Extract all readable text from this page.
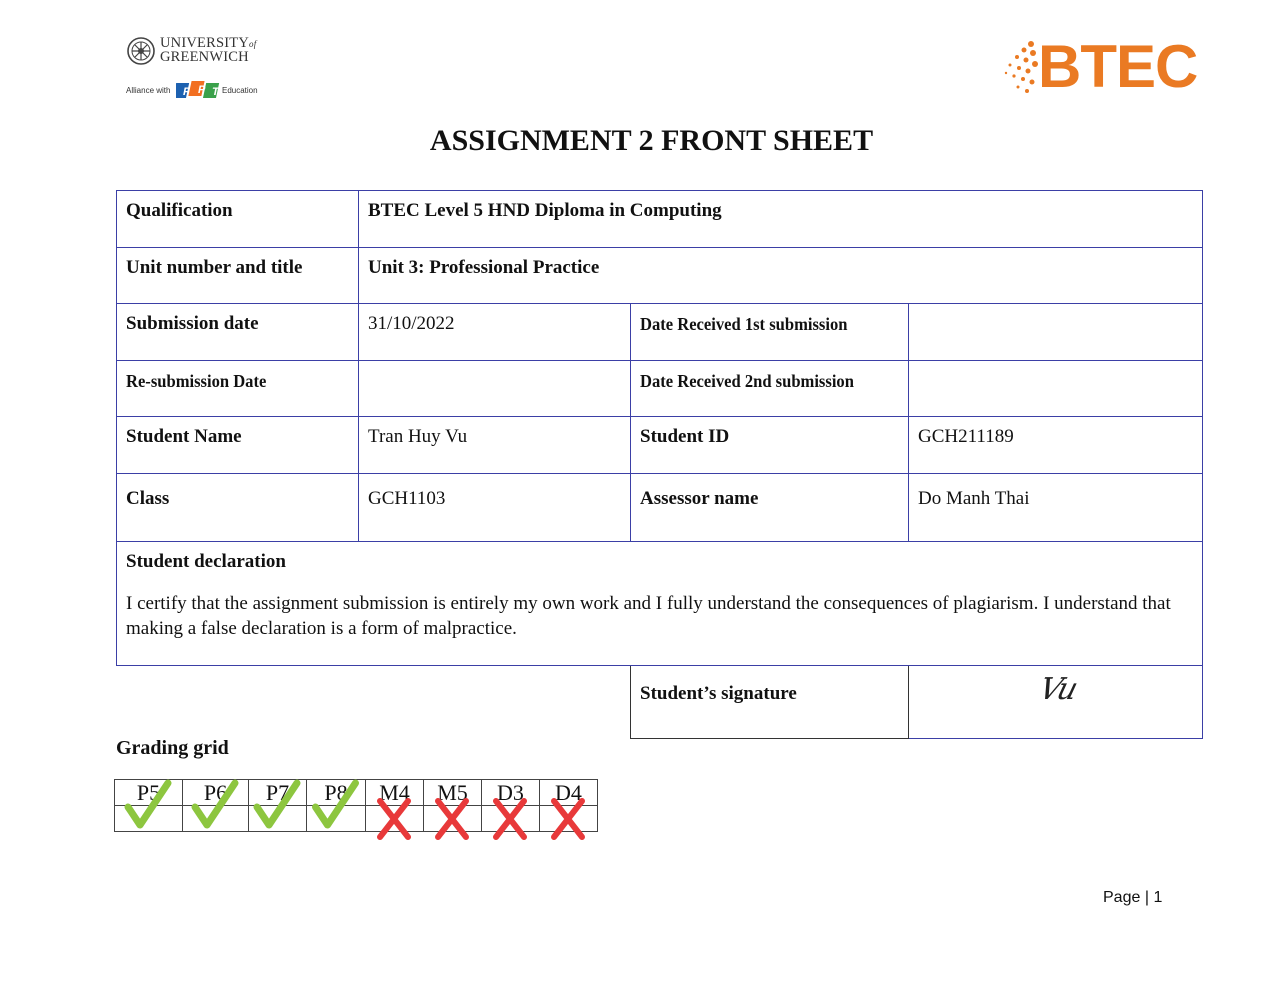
UNIVERSITYof
GREENWICH
Alliance with F P T Education	BTEC
ASSIGNMENT 2 FRONT SHEET
Qualification	BTEC Level 5 HND Diploma in Computing		
Unit number and title	Unit 3: Professional Practice		
Submission date	31/10/2022	Date Received 1st submission	
Re-submission Date		Date Received 2nd submission	
Student Name	Tran Huy Vu	Student ID	GCH211189
Class	GCH1103	Assessor name	Do Manh Thai

Student declaration
I certify that the assignment submission is entirely my own work and I fully understand the consequences of plagiarism. I understand that making a false declaration is a form of malpractice.			

		Student’s signature		Vu
Grading grid
P5	P6	P7	P8	M4	M5	D3	D4

Page | 1
